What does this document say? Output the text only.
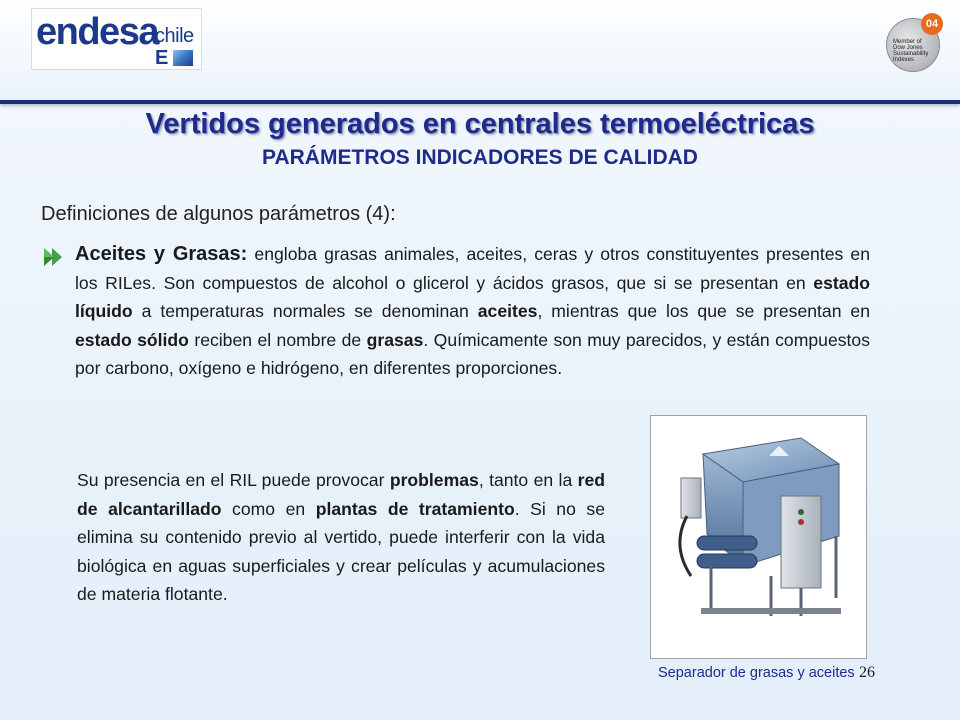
endesa
chile
E
04
Member of
Dow Jones
Sustainability
Indexes
Vertidos generados en centrales termoeléctricas
PARÁMETROS INDICADORES DE CALIDAD
Definiciones de algunos parámetros (4):
Aceites y Grasas: engloba grasas animales, aceites, ceras y otros constituyentes presentes en los RILes. Son compuestos de alcohol o glicerol y ácidos grasos, que si se presentan en estado líquido a temperaturas normales se denominan aceites, mientras que los que se presentan en estado sólido reciben el nombre de grasas. Químicamente son muy parecidos, y están compuestos por carbono, oxígeno e hidrógeno, en diferentes proporciones.
Su presencia en el RIL puede provocar problemas, tanto en la red de alcantarillado como en plantas de tratamiento. Si no se elimina su contenido previo al vertido, puede interferir con la vida biológica en aguas superficiales y crear películas y acumulaciones de materia flotante.
Separador de grasas y aceites 26
